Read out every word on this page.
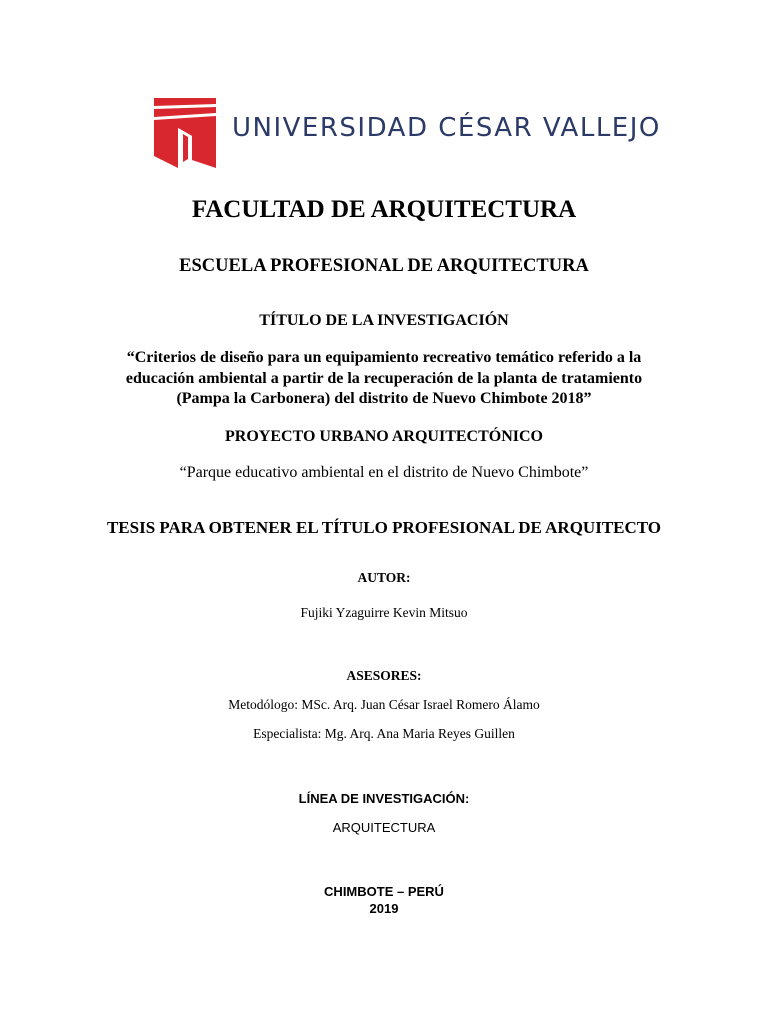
UNIVERSIDAD CÉSAR VALLEJO
FACULTAD DE ARQUITECTURA
ESCUELA PROFESIONAL DE ARQUITECTURA
TÍTULO DE LA INVESTIGACIÓN
“Criterios de diseño para un equipamiento recreativo temático referido a la
educación ambiental a partir de la recuperación de la planta de tratamiento
(Pampa la Carbonera) del distrito de Nuevo Chimbote 2018”
PROYECTO URBANO ARQUITECTÓNICO
“Parque educativo ambiental en el distrito de Nuevo Chimbote”
TESIS PARA OBTENER EL TÍTULO PROFESIONAL DE ARQUITECTO
AUTOR:
Fujiki Yzaguirre Kevin Mitsuo
ASESORES:
Metodólogo: MSc. Arq. Juan César Israel Romero Álamo
Especialista: Mg. Arq. Ana Maria Reyes Guillen
LÍNEA DE INVESTIGACIÓN:
ARQUITECTURA
CHIMBOTE – PERÚ
2019
